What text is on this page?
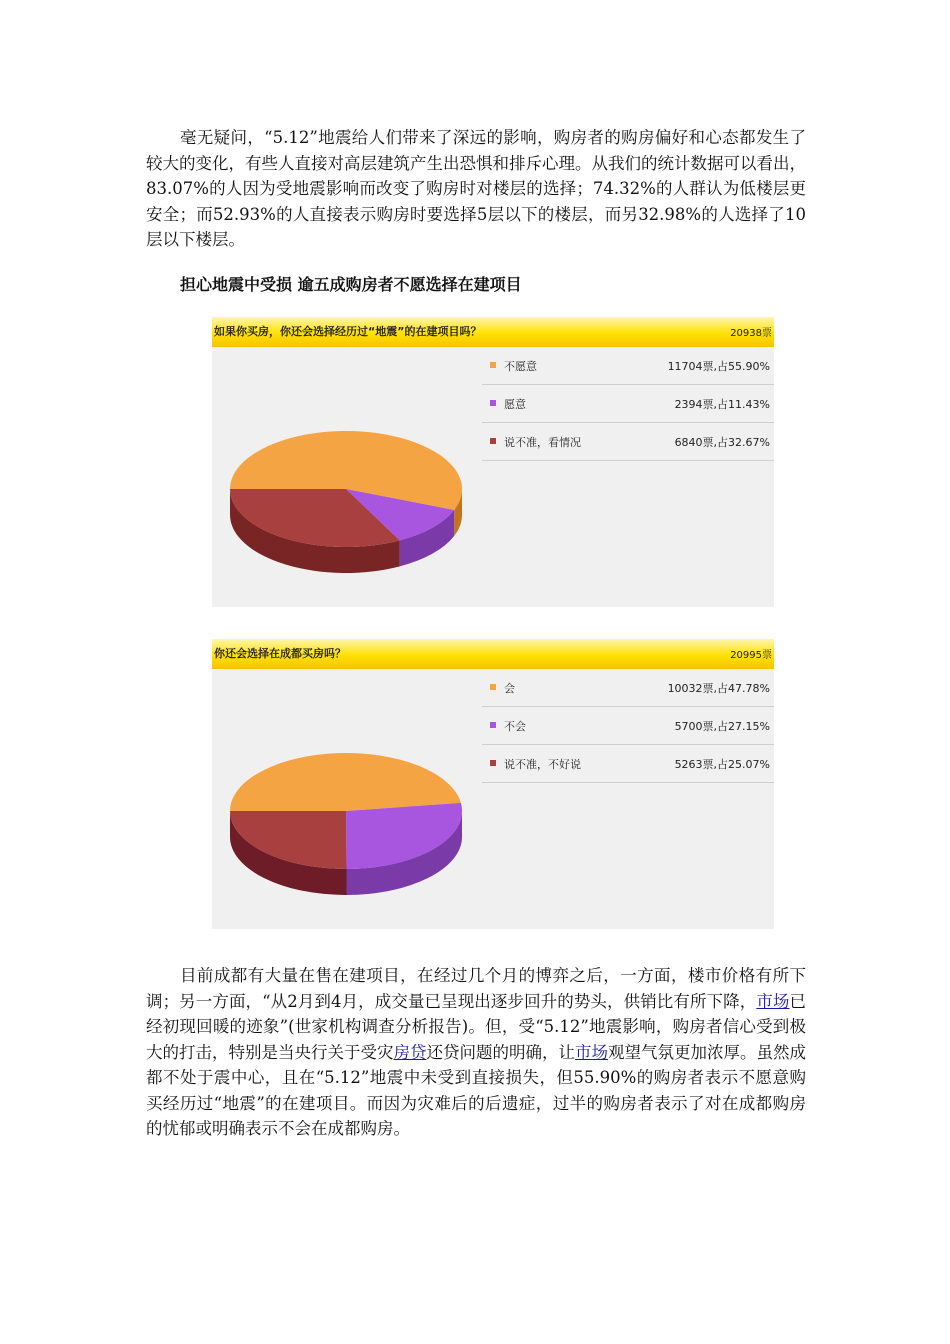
毫无疑问，“5.12”地震给人们带来了深远的影响，购房者的购房偏好和心态都发生了较大的变化，有些人直接对高层建筑产生出恐惧和排斥心理。从我们的统计数据可以看出，83.07%的人因为受地震影响而改变了购房时对楼层的选择；74.32%的人群认为低楼层更安全；而52.93%的人直接表示购房时要选择5层以下的楼层，而另32.98%的人选择了10层以下楼层。

担心地震中受损 逾五成购房者不愿选择在建项目
如果你买房，你还会选择经历过“地震”的在建项目吗？	20938票
不愿意	11704票,占55.90%
愿意	2394票,占11.43%
说不准，看情况	6840票,占32.67%
你还会选择在成都买房吗？	20995票
会	10032票,占47.78%
不会	5700票,占27.15%
说不准，不好说	5263票,占25.07%

目前成都有大量在售在建项目，在经过几个月的博弈之后，一方面，楼市价格有所下调；另一方面，“从2月到4月，成交量已呈现出逐步回升的势头，供销比有所下降，市场已经初现回暖的迹象”(世家机构调查分析报告)。但，受“5.12”地震影响，购房者信心受到极大的打击，特别是当央行关于受灾房贷还贷问题的明确，让市场观望气氛更加浓厚。虽然成都不处于震中心，且在“5.12”地震中未受到直接损失，但55.90%的购房者表示不愿意购买经历过“地震”的在建项目。而因为灾难后的后遗症，过半的购房者表示了对在成都购房的忧郁或明确表示不会在成都购房。
